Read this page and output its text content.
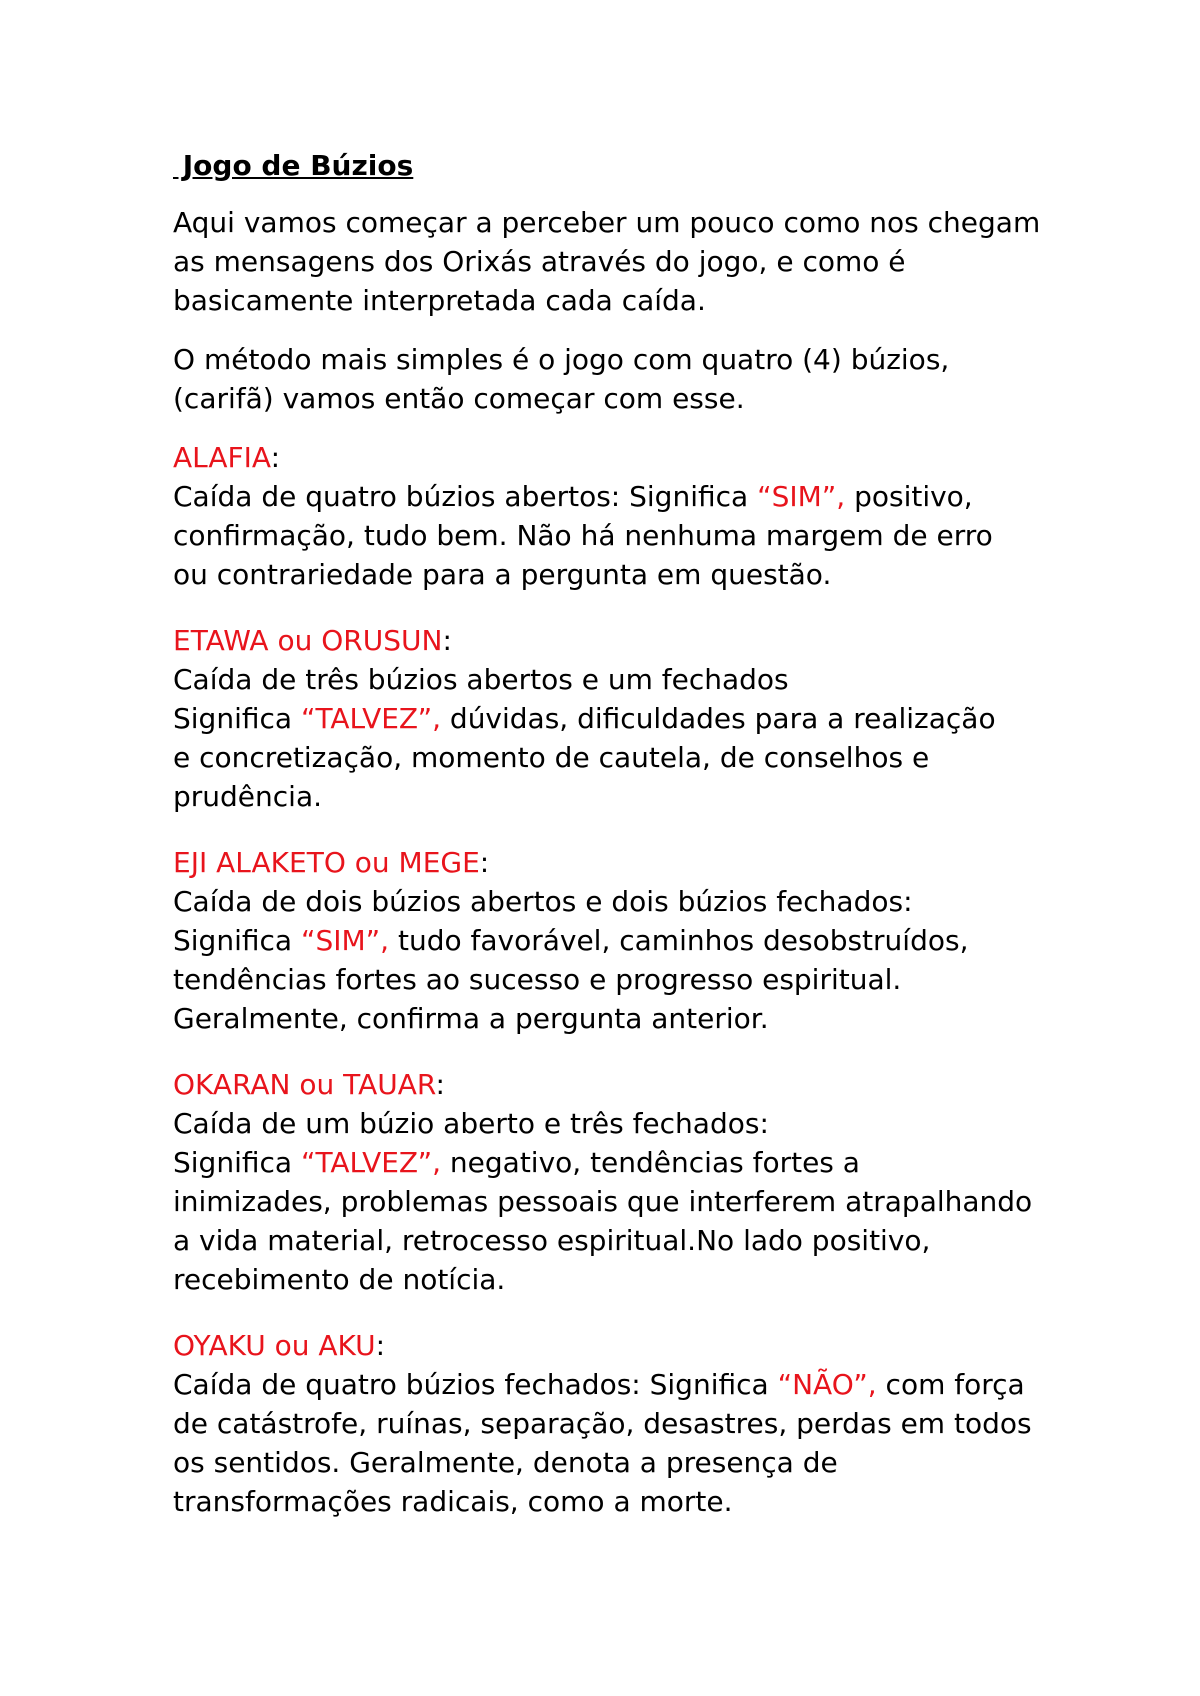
Jogo de Búzios
Aqui vamos começar a perceber um pouco como nos chegam
as mensagens dos Orixás através do jogo, e como é
basicamente interpretada cada caída.
O método mais simples é o jogo com quatro (4) búzios,
(carifã) vamos então começar com esse.
ALAFIA:
Caída de quatro búzios abertos: Significa “SIM”, positivo,
confirmação, tudo bem. Não há nenhuma margem de erro
ou contrariedade para a pergunta em questão.
ETAWA ou ORUSUN:
Caída de três búzios abertos e um fechados
Significa “TALVEZ”, dúvidas, dificuldades para a realização
e concretização, momento de cautela, de conselhos e
prudência.
EJI ALAKETO ou MEGE:
Caída de dois búzios abertos e dois búzios fechados:
Significa “SIM”, tudo favorável, caminhos desobstruídos,
tendências fortes ao sucesso e progresso espiritual.
Geralmente, confirma a pergunta anterior.
OKARAN ou TAUAR:
Caída de um búzio aberto e três fechados:
Significa “TALVEZ”, negativo, tendências fortes a
inimizades, problemas pessoais que interferem atrapalhando
a vida material, retrocesso espiritual.No lado positivo,
recebimento de notícia.
OYAKU ou AKU:
Caída de quatro búzios fechados: Significa “NÃO”, com força
de catástrofe, ruínas, separação, desastres, perdas em todos
os sentidos. Geralmente, denota a presença de
transformações radicais, como a morte.
